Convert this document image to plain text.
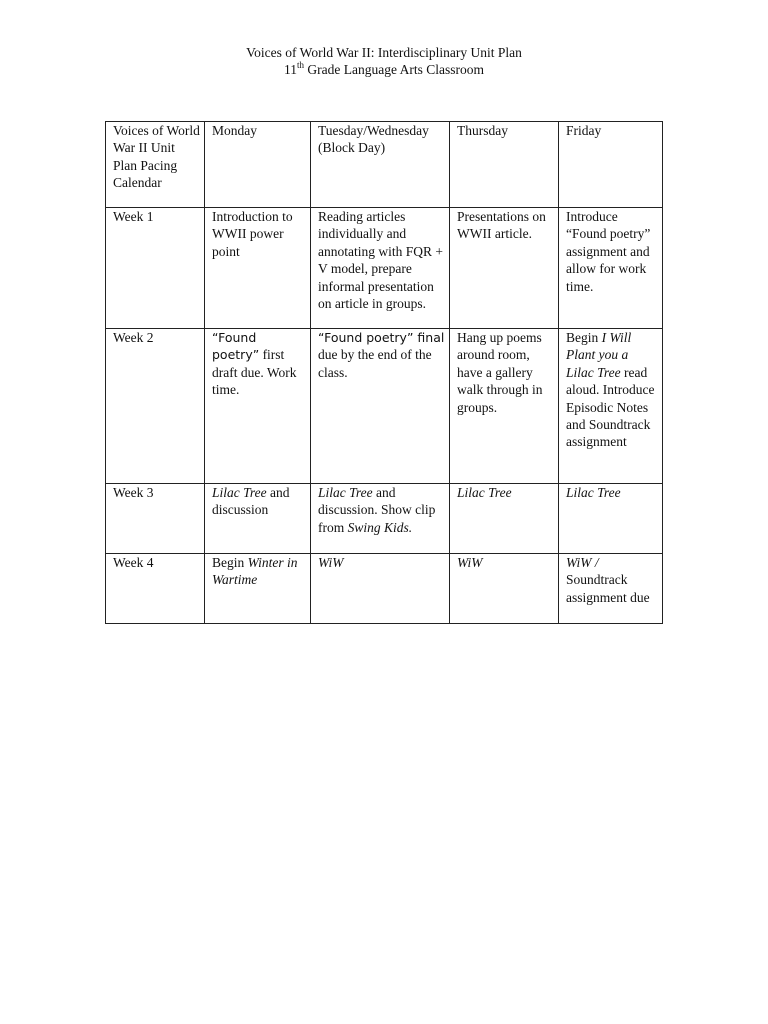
Voices of World War II: Interdisciplinary Unit Plan
11th Grade Language Arts Classroom
Voices of World War II Unit Plan Pacing Calendar	Monday	Tuesday/Wednesday (Block Day)	Thursday	Friday
Week 1	Introduction to WWII power point	Reading articles individually and annotating with FQR + V model, prepare informal presentation on article in groups.	Presentations on WWII article.	Introduce “Found poetry” assignment and allow for work time.
Week 2	“Found poetry” first draft due. Work time.	“Found poetry” final due by the end of the class.	Hang up poems around room, have a gallery walk through in groups.	Begin I Will Plant you a Lilac Tree read aloud. Introduce Episodic Notes and Soundtrack assignment
Week 3	Lilac Tree and discussion	Lilac Tree and discussion. Show clip from Swing Kids.	Lilac Tree	Lilac Tree
Week 4	Begin Winter in Wartime	WiW	WiW	WiW / Soundtrack assignment due
